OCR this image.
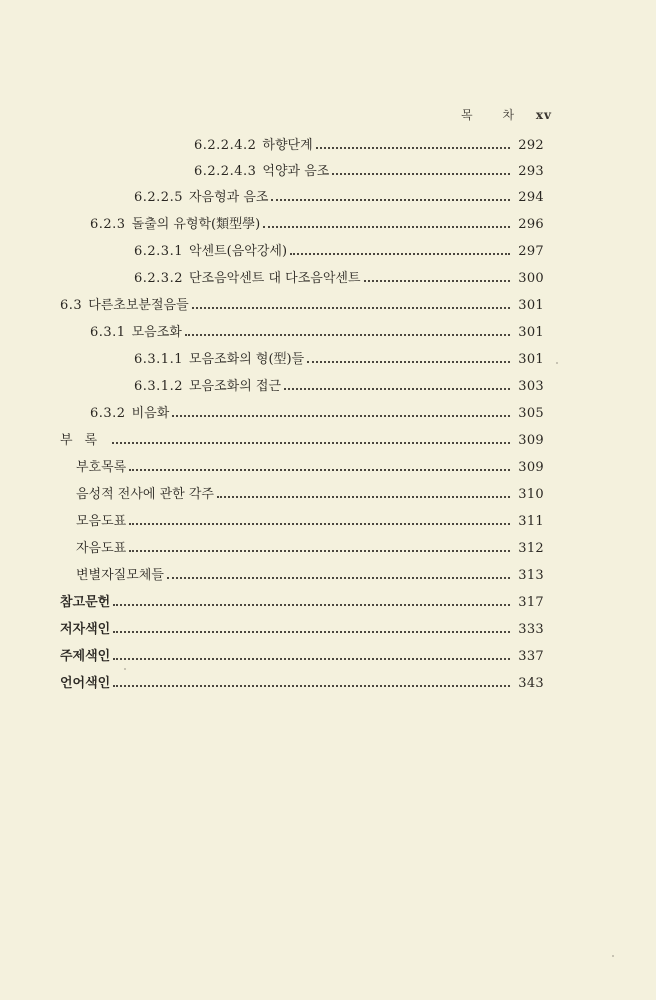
목 차 xv
6.2.2.4.2 하향단계	292
6.2.2.4.3 억양과 음조	293
6.2.2.5 자음형과 음조	294
6.2.3 돌출의 유형학(類型學)	296
6.2.3.1 악센트(음악강세)	297
6.2.3.2 단조음악센트 대 다조음악센트	300
6.3 다른초보분절음들	301
6.3.1 모음조화	301
6.3.1.1 모음조화의 형(型)들	301
6.3.1.2 모음조화의 접근	303
6.3.2 비음화	305
부록	309
부호목록	309
음성적 전사에 관한 각주	310
모음도표	311
자음도표	312
변별자질모체들	313
참고문헌	317
저자색인	333
주제색인	337
언어색인	343
